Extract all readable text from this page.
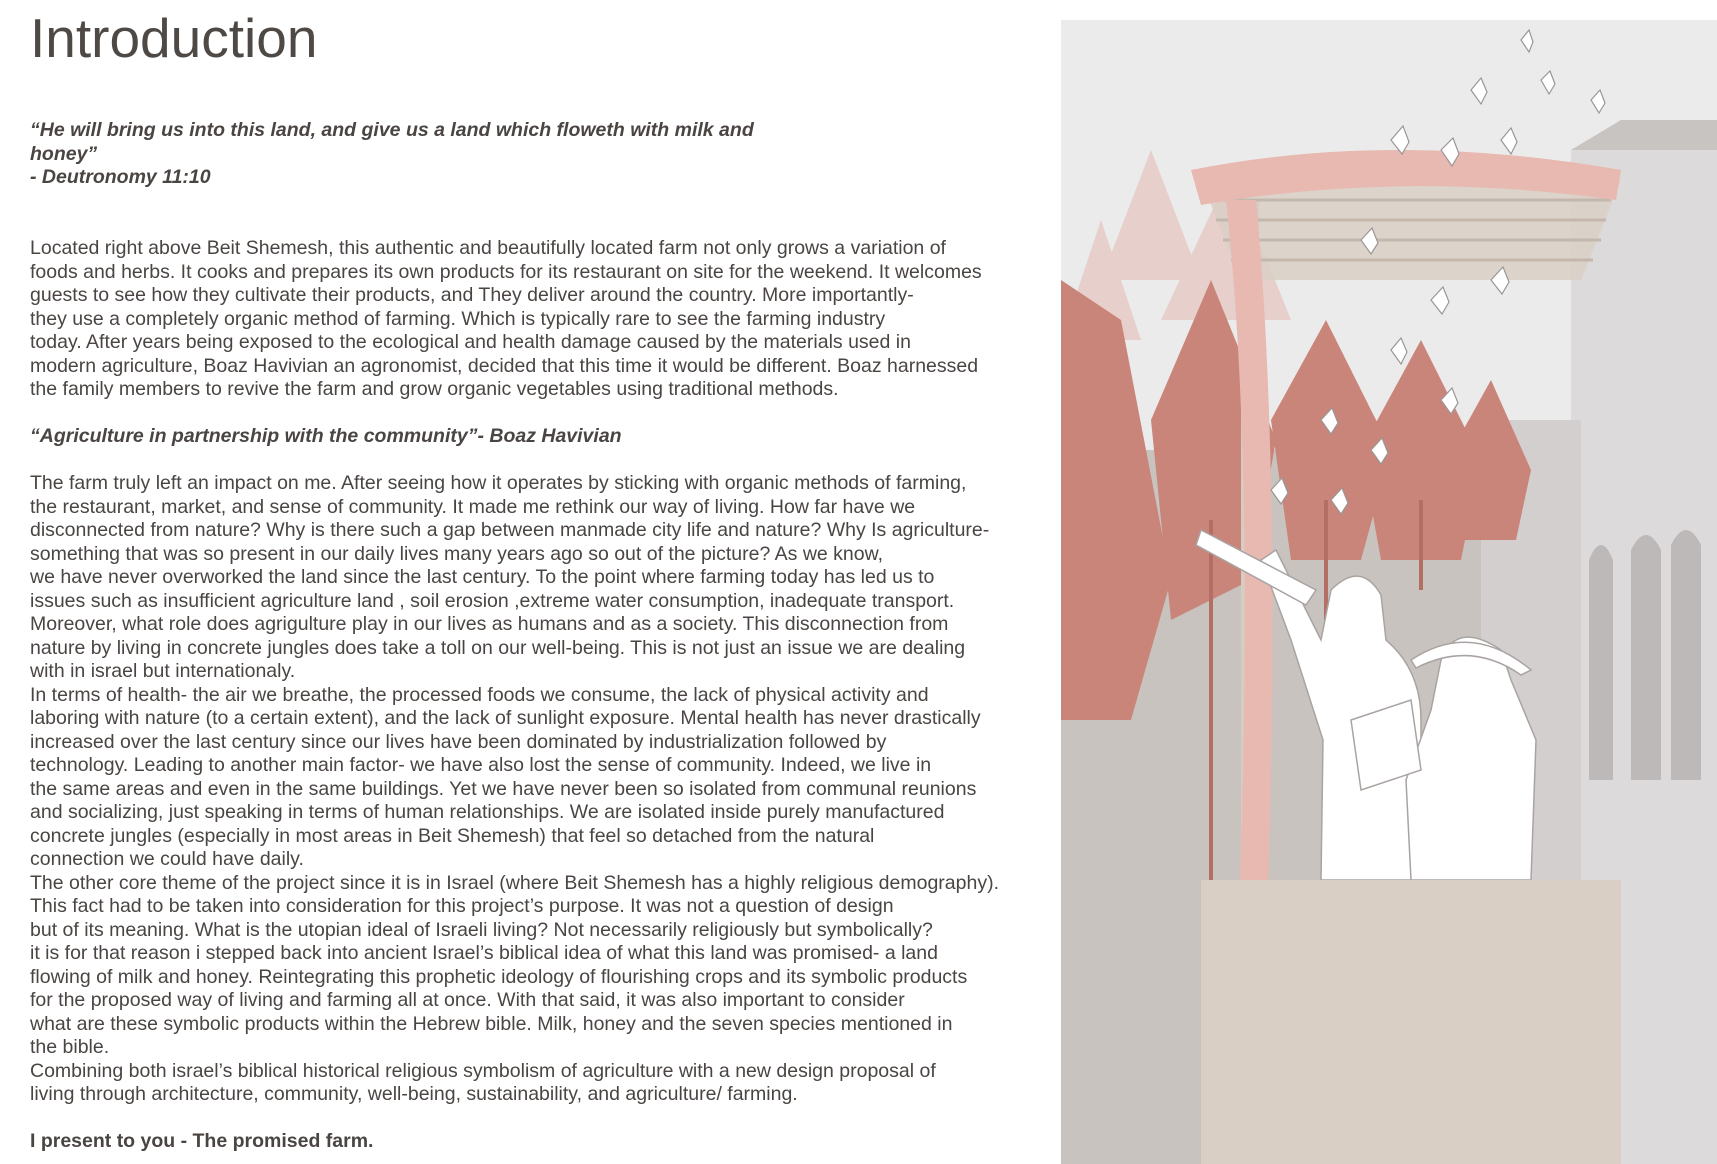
Introduction
“He will bring us into this land, and give us a land which floweth with milk and
honey”
- Deutronomy 11:10
Located right above Beit Shemesh, this authentic and beautifully located farm not only grows a variation of
foods and herbs. It cooks and prepares its own products for its restaurant on site for the weekend. It welcomes
guests to see how they cultivate their products, and They deliver around the country. More importantly-
they use a completely organic method of farming. Which is typically rare to see the farming industry
today. After years being exposed to the ecological and health damage caused by the materials used in
modern agriculture, Boaz Havivian an agronomist, decided that this time it would be different. Boaz harnessed
the family members to revive the farm and grow organic vegetables using traditional methods.
“Agriculture in partnership with the community”- Boaz Havivian
The farm truly left an impact on me. After seeing how it operates by sticking with organic methods of farming,
the restaurant, market, and sense of community. It made me rethink our way of living. How far have we
disconnected from nature? Why is there such a gap between manmade city life and nature? Why Is agriculture-
something that was so present in our daily lives many years ago so out of the picture? As we know,
we have never overworked the land since the last century. To the point where farming today has led us to
issues such as insufficient agriculture land , soil erosion ,extreme water consumption, inadequate transport.
Moreover, what role does agrigulture play in our lives as humans and as a society. This disconnection from
nature by living in concrete jungles does take a toll on our well-being. This is not just an issue we are dealing
with in israel but internationaly.
In terms of health- the air we breathe, the processed foods we consume, the lack of physical activity and
laboring with nature (to a certain extent), and the lack of sunlight exposure. Mental health has never drastically
increased over the last century since our lives have been dominated by industrialization followed by
technology. Leading to another main factor- we have also lost the sense of community. Indeed, we live in
the same areas and even in the same buildings. Yet we have never been so isolated from communal reunions
and socializing, just speaking in terms of human relationships. We are isolated inside purely manufactured
concrete jungles (especially in most areas in Beit Shemesh) that feel so detached from the natural
connection we could have daily.
The other core theme of the project since it is in Israel (where Beit Shemesh has a highly religious demography).
This fact had to be taken into consideration for this project’s purpose. It was not a question of design
but of its meaning. What is the utopian ideal of Israeli living? Not necessarily religiously but symbolically?
it is for that reason i stepped back into ancient Israel’s biblical idea of what this land was promised- a land
flowing of milk and honey. Reintegrating this prophetic ideology of flourishing crops and its symbolic products
for the proposed way of living and farming all at once. With that said, it was also important to consider
what are these symbolic products within the Hebrew bible. Milk, honey and the seven species mentioned in
the bible.
Combining both israel’s biblical historical religious symbolism of agriculture with a new design proposal of
living through architecture, community, well-being, sustainability, and agriculture/ farming.
I present to you - The promised farm.
